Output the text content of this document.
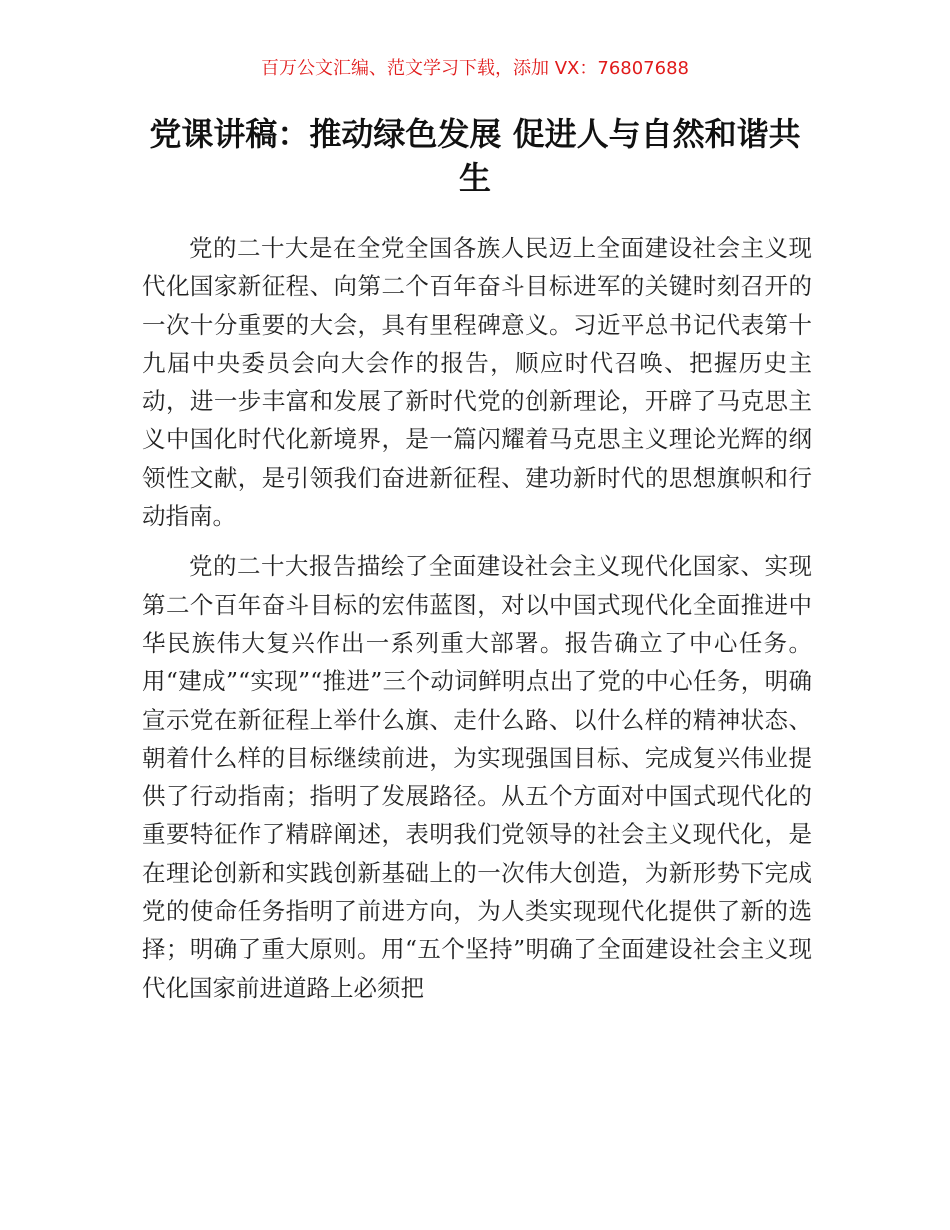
百万公文汇编、范文学习下载，添加 VX：76807688
党课讲稿：推动绿色发展 促进人与自然和谐共生

党的二十大是在全党全国各族人民迈上全面建设社会主义现代化国家新征程、向第二个百年奋斗目标进军的关键时刻召开的一次十分重要的大会，具有里程碑意义。习近平总书记代表第十九届中央委员会向大会作的报告，顺应时代召唤、把握历史主动，进一步丰富和发展了新时代党的创新理论，开辟了马克思主义中国化时代化新境界，是一篇闪耀着马克思主义理论光辉的纲领性文献，是引领我们奋进新征程、建功新时代的思想旗帜和行动指南。

党的二十大报告描绘了全面建设社会主义现代化国家、实现第二个百年奋斗目标的宏伟蓝图，对以中国式现代化全面推进中华民族伟大复兴作出一系列重大部署。报告确立了中心任务。用“建成”“实现”“推进”三个动词鲜明点出了党的中心任务，明确宣示党在新征程上举什么旗、走什么路、以什么样的精神状态、朝着什么样的目标继续前进，为实现强国目标、完成复兴伟业提供了行动指南；指明了发展路径。从五个方面对中国式现代化的重要特征作了精辟阐述，表明我们党领导的社会主义现代化，是在理论创新和实践创新基础上的一次伟大创造，为新形势下完成党的使命任务指明了前进方向，为人类实现现代化提供了新的选择；明确了重大原则。用“五个坚持”明确了全面建设社会主义现代化国家前进道路上必须把
